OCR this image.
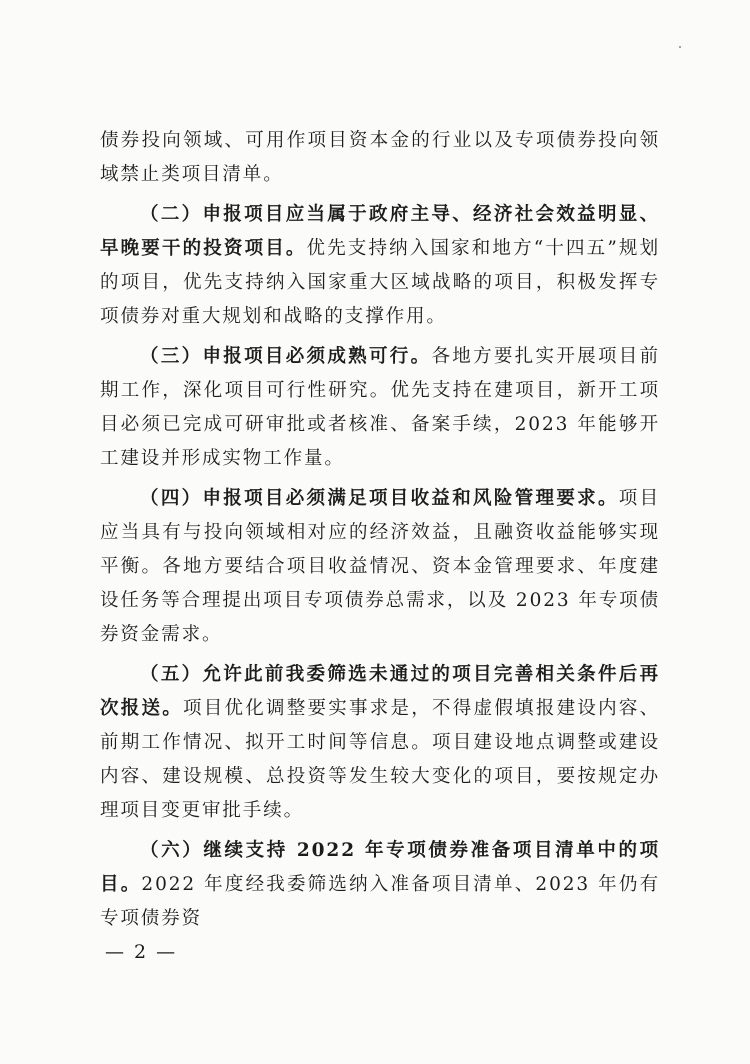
债券投向领域、可用作项目资本金的行业以及专项债券投向领域禁止类项目清单。

（二）申报项目应当属于政府主导、经济社会效益明显、早晚要干的投资项目。优先支持纳入国家和地方“十四五”规划的项目，优先支持纳入国家重大区域战略的项目，积极发挥专项债券对重大规划和战略的支撑作用。

（三）申报项目必须成熟可行。各地方要扎实开展项目前期工作，深化项目可行性研究。优先支持在建项目，新开工项目必须已完成可研审批或者核准、备案手续，2023 年能够开工建设并形成实物工作量。

（四）申报项目必须满足项目收益和风险管理要求。项目应当具有与投向领域相对应的经济效益，且融资收益能够实现平衡。各地方要结合项目收益情况、资本金管理要求、年度建设任务等合理提出项目专项债券总需求，以及 2023 年专项债券资金需求。

（五）允许此前我委筛选未通过的项目完善相关条件后再次报送。项目优化调整要实事求是，不得虚假填报建设内容、前期工作情况、拟开工时间等信息。项目建设地点调整或建设内容、建设规模、总投资等发生较大变化的项目，要按规定办理项目变更审批手续。

（六）继续支持 2022 年专项债券准备项目清单中的项目。2022 年度经我委筛选纳入准备项目清单、2023 年仍有专项债券资

— 2 —
